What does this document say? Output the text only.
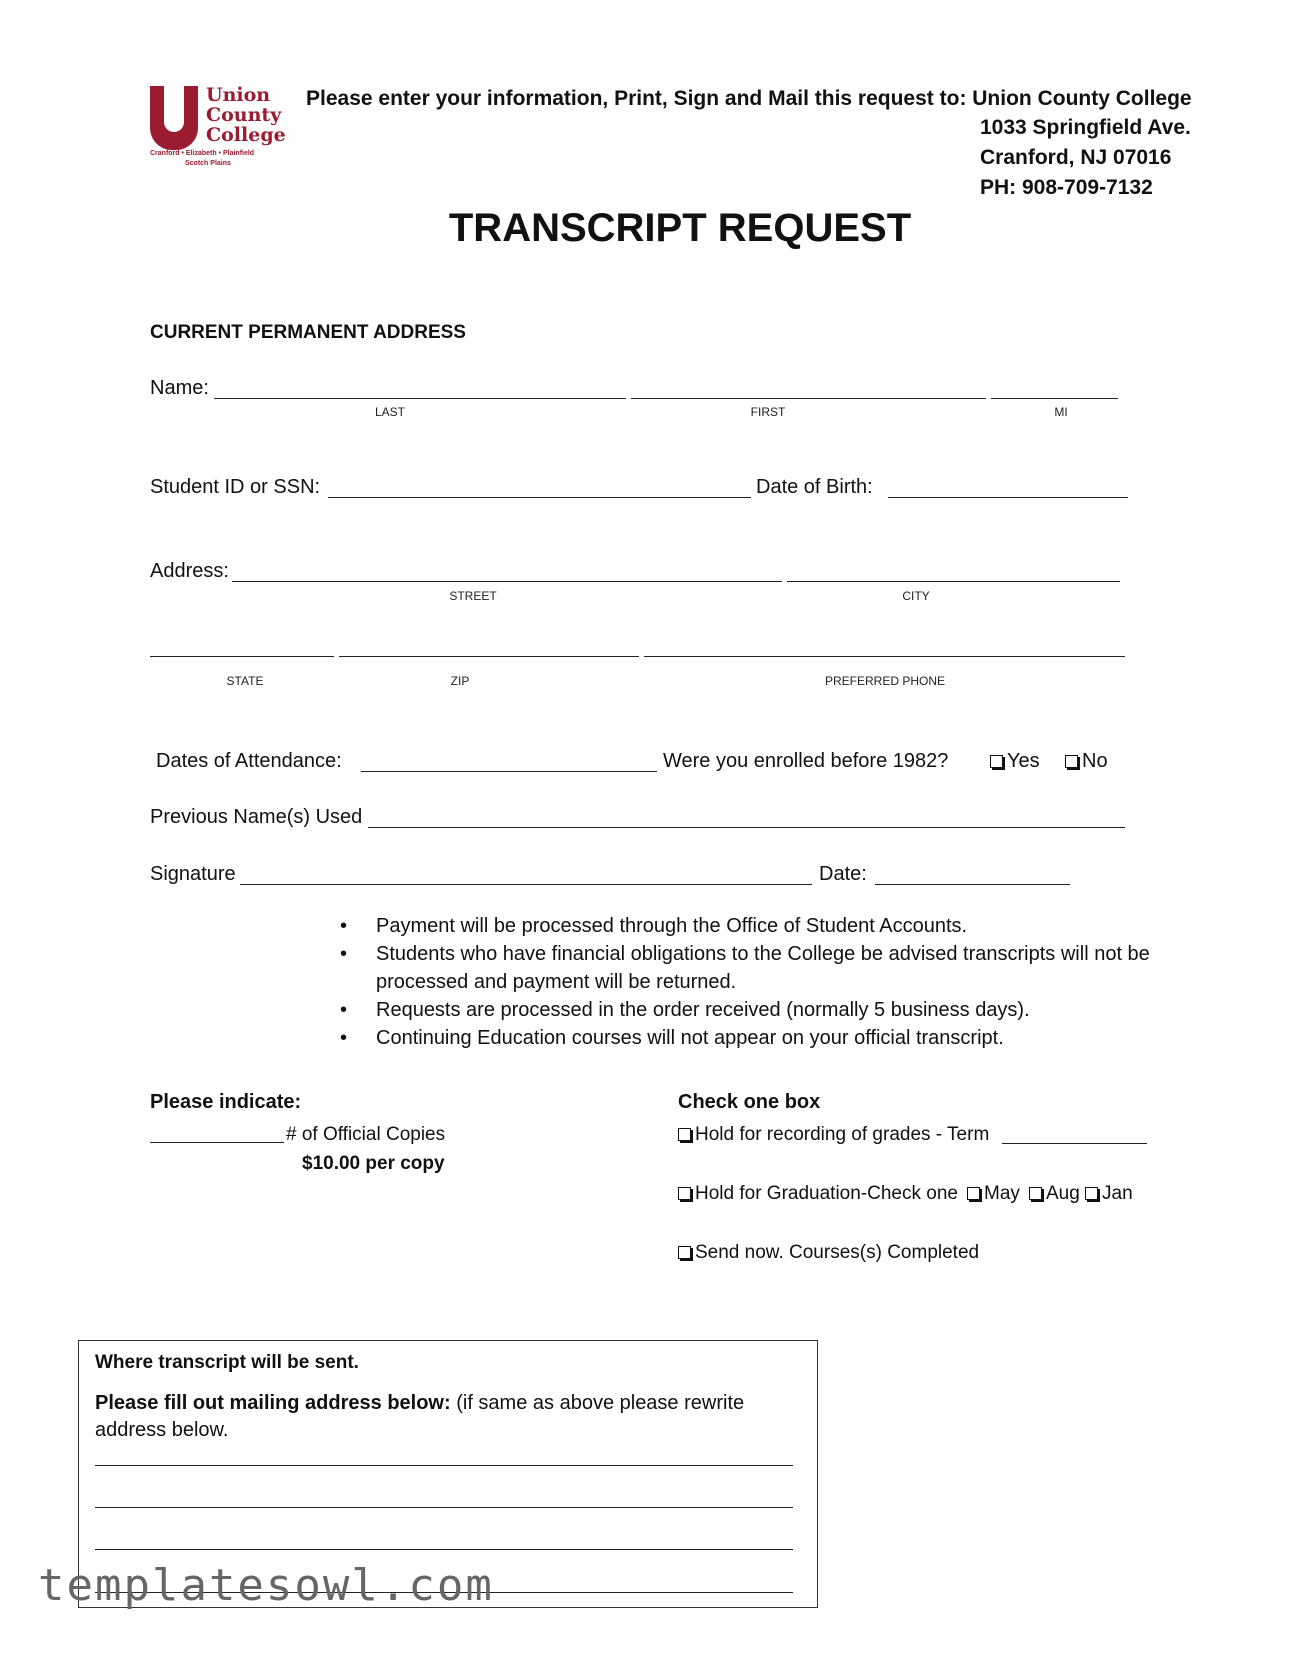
Union
County
College
Cranford • Elizabeth • Plainfield
Scotch Plains
Please enter your information, Print, Sign and Mail this request to: Union County College
1033 Springfield Ave.
Cranford, NJ 07016
PH: 908-709-7132
TRANSCRIPT REQUEST
CURRENT PERMANENT ADDRESS
Name:
LAST	FIRST	MI
Student ID or SSN:	Date of Birth:
Address:
STREET	CITY
STATE	ZIP	PREFERRED PHONE
Dates of Attendance:	Were you enrolled before 1982?	Yes	No
Previous Name(s) Used
Signature	Date:
• Payment will be processed through the Office of Student Accounts.
• Students who have financial obligations to the College be advised transcripts will not be processed and payment will be returned.
• Requests are processed in the order received (normally 5 business days).
• Continuing Education courses will not appear on your official transcript.
Please indicate:
# of Official Copies
$10.00 per copy
Check one box
Hold for recording of grades - Term
Hold for Graduation-Check one	May	Aug	Jan
Send now. Courses(s) Completed
Where transcript will be sent.
Please fill out mailing address below: (if same as above please rewrite address below.
templatesowl.com
